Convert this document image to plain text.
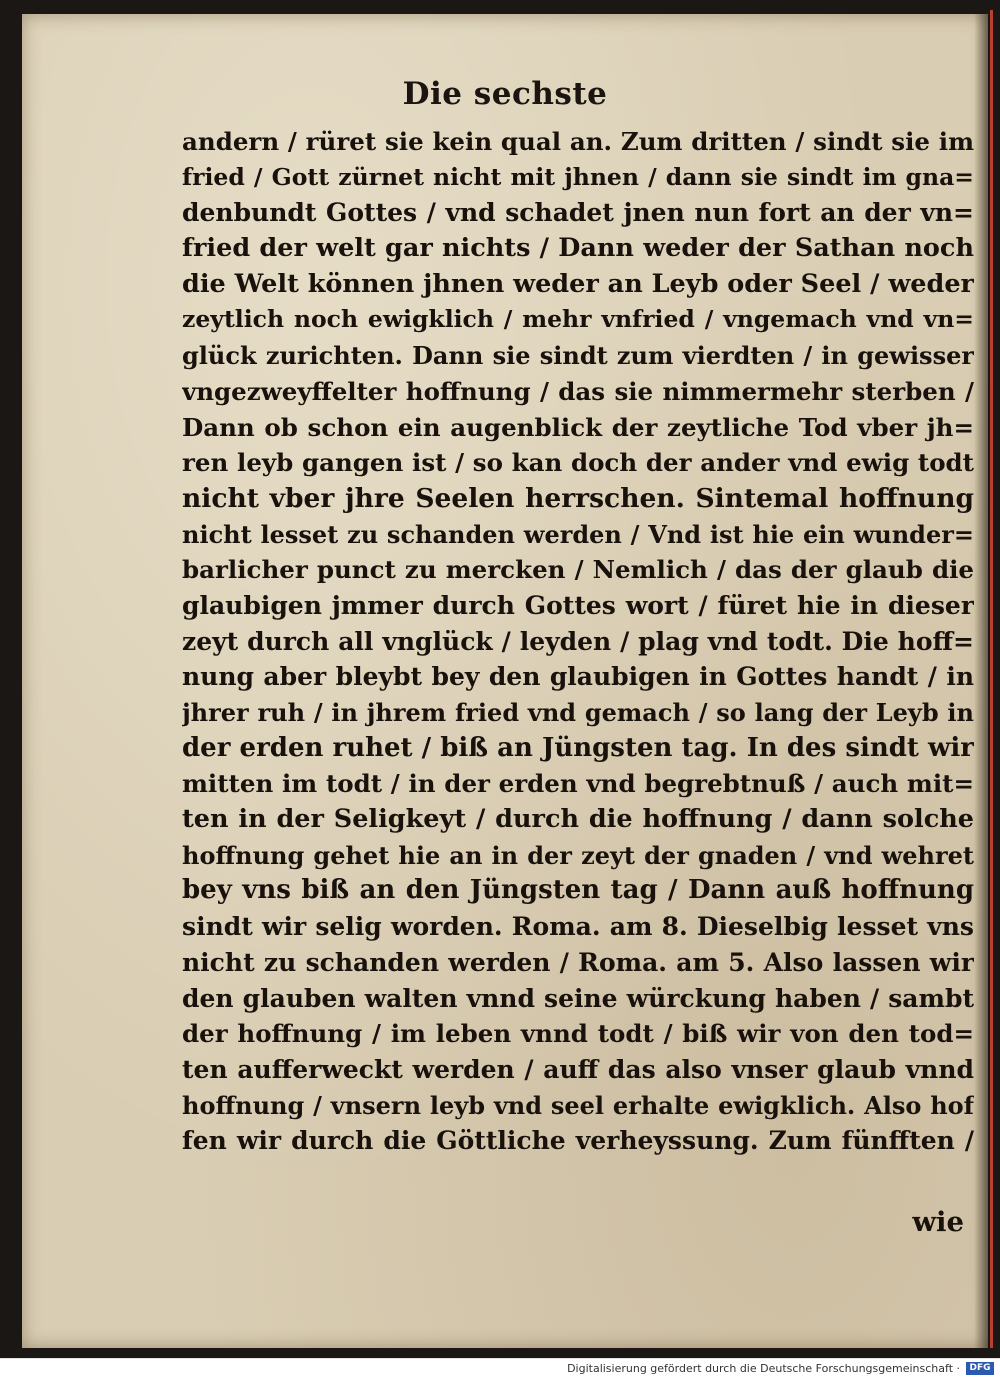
Die sechste
andern / rüret sie kein qual an. Zum dritten / sindt sie im
fried / Gott zürnet nicht mit jhnen / dann sie sindt im gna=
denbundt Gottes / vnd schadet jnen nun fort an der vn=
fried der welt gar nichts / Dann weder der Sathan noch
die Welt können jhnen weder an Leyb oder Seel / weder
zeytlich noch ewigklich / mehr vnfried / vngemach vnd vn=
glück zurichten. Dann sie sindt zum vierdten / in gewisser
vngezweyffelter hoffnung / das sie nimmermehr sterben /
Dann ob schon ein augenblick der zeytliche Tod vber jh=
ren leyb gangen ist / so kan doch der ander vnd ewig todt
nicht vber jhre Seelen herrschen. Sintemal hoffnung
nicht lesset zu schanden werden / Vnd ist hie ein wunder=
barlicher punct zu mercken / Nemlich / das der glaub die
glaubigen jmmer durch Gottes wort / füret hie in dieser
zeyt durch all vnglück / leyden / plag vnd todt. Die hoff=
nung aber bleybt bey den glaubigen in Gottes handt / in
jhrer ruh / in jhrem fried vnd gemach / so lang der Leyb in
der erden ruhet / biß an Jüngsten tag. In des sindt wir
mitten im todt / in der erden vnd begrebtnuß / auch mit=
ten in der Seligkeyt / durch die hoffnung / dann solche
hoffnung gehet hie an in der zeyt der gnaden / vnd wehret
bey vns biß an den Jüngsten tag / Dann auß hoffnung
sindt wir selig worden. Roma. am 8. Dieselbig lesset vns
nicht zu schanden werden / Roma. am 5. Also lassen wir
den glauben walten vnnd seine würckung haben / sambt
der hoffnung / im leben vnnd todt / biß wir von den tod=
ten aufferweckt werden / auff das also vnser glaub vnnd
hoffnung / vnsern leyb vnd seel erhalte ewigklich. Also hof
fen wir durch die Göttliche verheyssung. Zum fünfften /
wie
Digitalisierung gefördert durch die Deutsche Forschungsgemeinschaft ·	DFG
